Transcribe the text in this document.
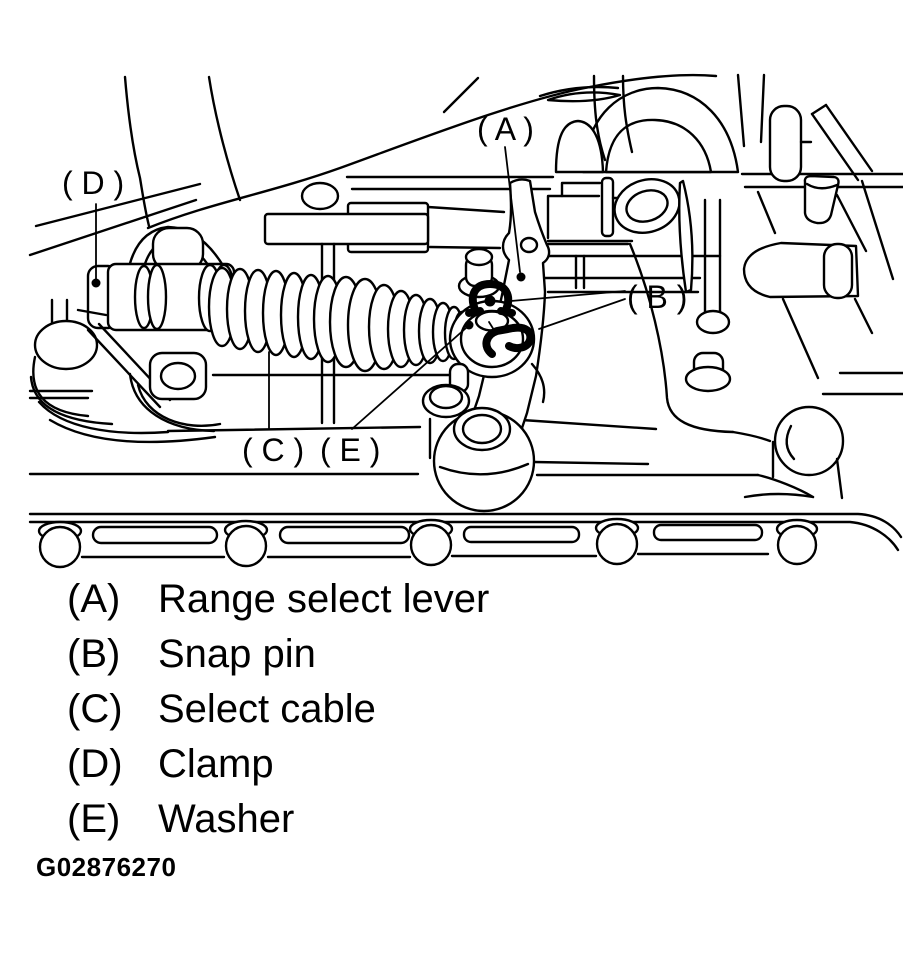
( A )
( B )
( C )
( D )
( E )
(A) Range select lever
(B) Snap pin
(C) Select cable
(D) Clamp
(E) Washer
G02876270
